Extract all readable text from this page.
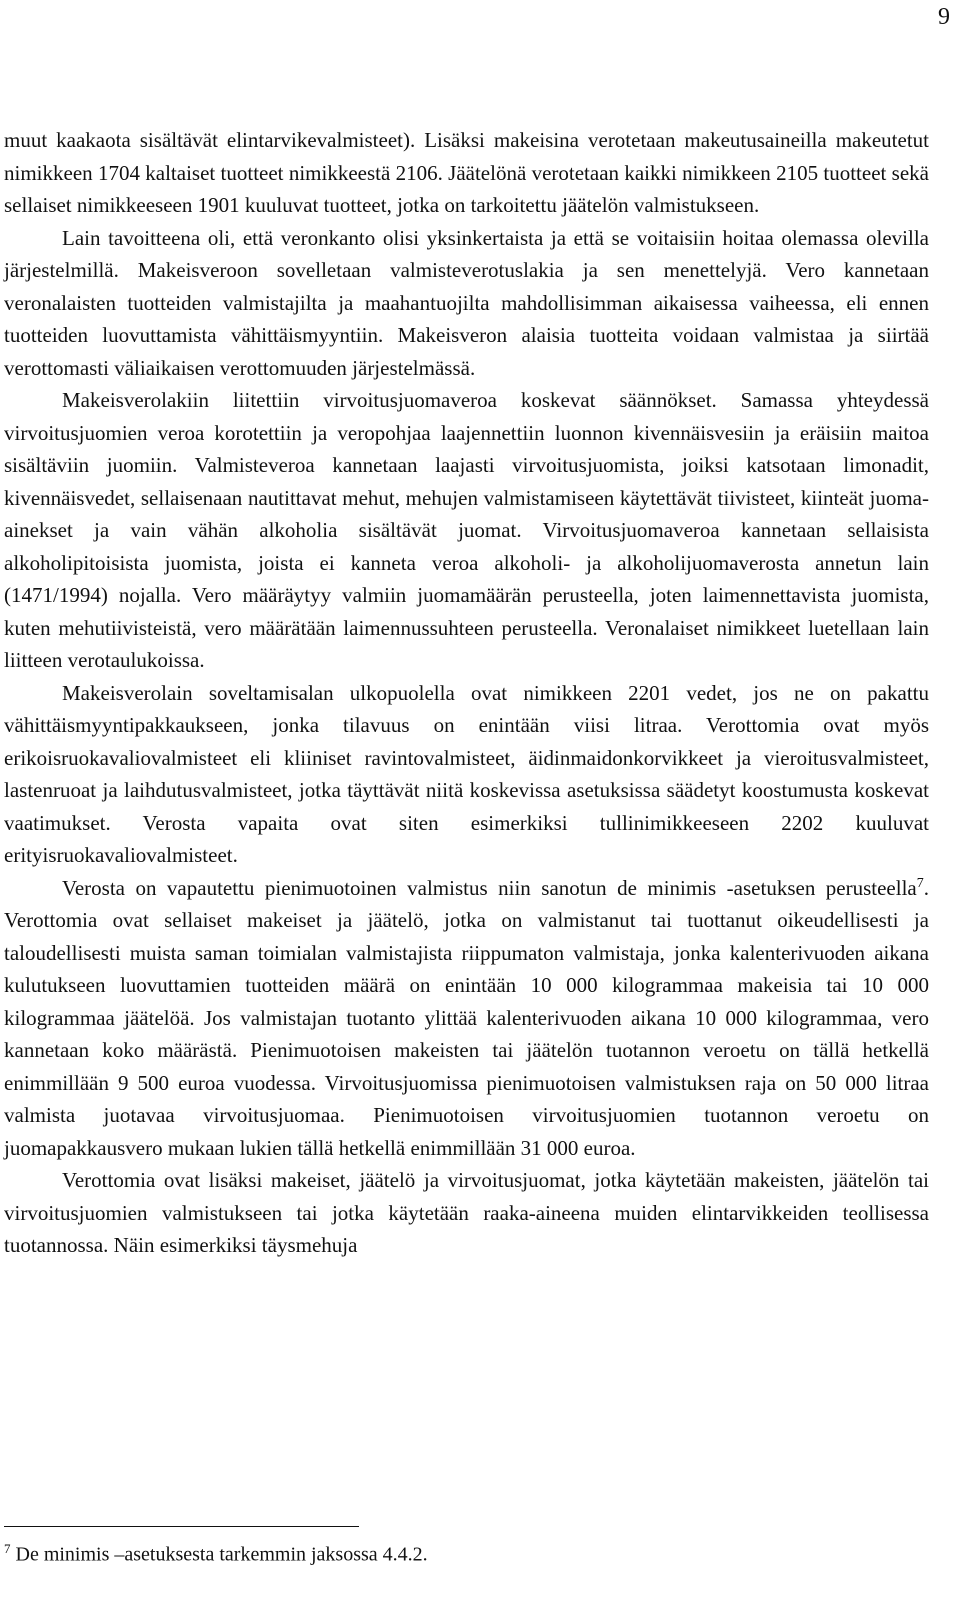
9

muut kaakaota sisältävät elintarvikevalmisteet). Lisäksi makeisina verotetaan makeutusaineilla makeutetut nimikkeen 1704 kaltaiset tuotteet nimikkeestä 2106. Jäätelönä verotetaan kaikki nimikkeen 2105 tuotteet sekä sellaiset nimikkeeseen 1901 kuuluvat tuotteet, jotka on tarkoitettu jäätelön valmistukseen.

Lain tavoitteena oli, että veronkanto olisi yksinkertaista ja että se voitaisiin hoitaa olemassa olevilla järjestelmillä. Makeisveroon sovelletaan valmisteverotuslakia ja sen menettelyjä. Vero kannetaan veronalaisten tuotteiden valmistajilta ja maahantuojilta mahdollisimman aikaisessa vaiheessa, eli ennen tuotteiden luovuttamista vähittäismyyntiin. Makeisveron alaisia tuotteita voidaan valmistaa ja siirtää verottomasti väliaikaisen verottomuuden järjestelmässä.

Makeisverolakiin liitettiin virvoitusjuomaveroa koskevat säännökset. Samassa yhteydessä virvoitusjuomien veroa korotettiin ja veropohjaa laajennettiin luonnon kivennäisvesiin ja eräisiin maitoa sisältäviin juomiin. Valmisteveroa kannetaan laajasti virvoitusjuomista, joiksi katsotaan limonadit, kivennäisvedet, sellaisenaan nautittavat mehut, mehujen valmistamiseen käytettävät tiivisteet, kiinteät juoma-ainekset ja vain vähän alkoholia sisältävät juomat. Virvoitusjuomaveroa kannetaan sellaisista alkoholipitoisista juomista, joista ei kanneta veroa alkoholi- ja alkoholijuomaverosta annetun lain (1471/1994) nojalla. Vero määräytyy valmiin juomamäärän perusteella, joten laimennettavista juomista, kuten mehutiivisteistä, vero määrätään laimennussuhteen perusteella. Veronalaiset nimikkeet luetellaan lain liitteen verotaulukoissa.

Makeisverolain soveltamisalan ulkopuolella ovat nimikkeen 2201 vedet, jos ne on pakattu vähittäismyyntipakkaukseen, jonka tilavuus on enintään viisi litraa. Verottomia ovat myös erikoisruokavaliovalmisteet eli kliiniset ravintovalmisteet, äidinmaidonkorvikkeet ja vieroitusvalmisteet, lastenruoat ja laihdutusvalmisteet, jotka täyttävät niitä koskevissa asetuksissa säädetyt koostumusta koskevat vaatimukset. Verosta vapaita ovat siten esimerkiksi tullinimikkeeseen 2202 kuuluvat erityisruokavaliovalmisteet.

Verosta on vapautettu pienimuotoinen valmistus niin sanotun de minimis -asetuksen perusteella$^7$. Verottomia ovat sellaiset makeiset ja jäätelö, jotka on valmistanut tai tuottanut oikeudellisesti ja taloudellisesti muista saman toimialan valmistajista riippumaton valmistaja, jonka kalenterivuoden aikana kulutukseen luovuttamien tuotteiden määrä on enintään 10 000 kilogrammaa makeisia tai 10 000 kilogrammaa jäätelöä. Jos valmistajan tuotanto ylittää kalenterivuoden aikana 10 000 kilogrammaa, vero kannetaan koko määrästä. Pienimuotoisen makeisten tai jäätelön tuotannon veroetu on tällä hetkellä enimmillään 9 500 euroa vuodessa. Virvoitusjuomissa pienimuotoisen valmistuksen raja on 50 000 litraa valmista juotavaa virvoitusjuomaa. Pienimuotoisen virvoitusjuomien tuotannon veroetu on juomapakkausvero mukaan lukien tällä hetkellä enimmillään 31 000 euroa.

Verottomia ovat lisäksi makeiset, jäätelö ja virvoitusjuomat, jotka käytetään makeisten, jäätelön tai virvoitusjuomien valmistukseen tai jotka käytetään raaka-aineena muiden elintarvikkeiden teollisessa tuotannossa. Näin esimerkiksi täysmehuja

$^7$ De minimis –asetuksesta tarkemmin jaksossa 4.4.2.
